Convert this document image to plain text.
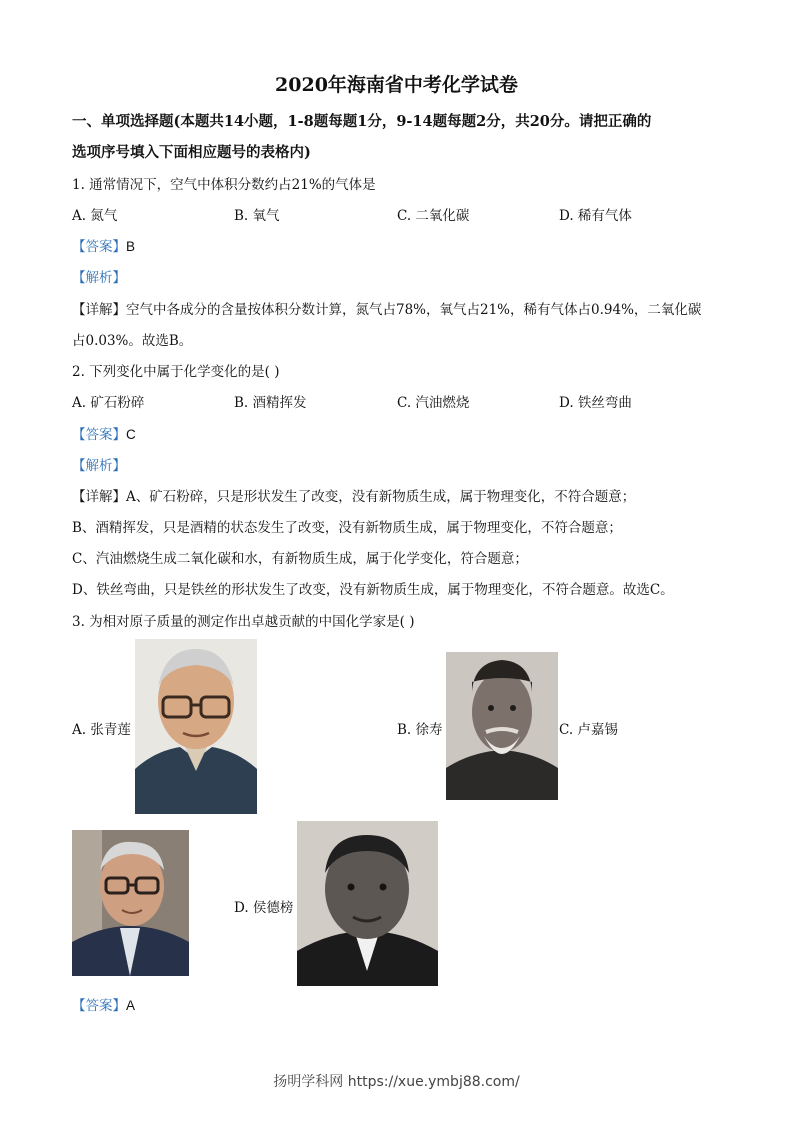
2020年海南省中考化学试卷
一、单项选择题(本题共14小题，1-8题每题1分，9-14题每题2分，共20分。请把正确的
选项序号填入下面相应题号的表格内)
1. 通常情况下，空气中体积分数约占21%的气体是
A. 氮气	B. 氧气	C. 二氧化碳	D. 稀有气体
【答案】B
【解析】
【详解】空气中各成分的含量按体积分数计算，氮气占78%，氧气占21%，稀有气体占0.94%，二氧化碳
占0.03%。故选B。
2. 下列变化中属于化学变化的是( )
A. 矿石粉碎	B. 酒精挥发	C. 汽油燃烧	D. 铁丝弯曲
【答案】C
【解析】
【详解】A、矿石粉碎，只是形状发生了改变，没有新物质生成，属于物理变化，不符合题意；
B、酒精挥发，只是酒精的状态发生了改变，没有新物质生成，属于物理变化，不符合题意；
C、汽油燃烧生成二氧化碳和水，有新物质生成，属于化学变化，符合题意；
D、铁丝弯曲，只是铁丝的形状发生了改变，没有新物质生成，属于物理变化，不符合题意。故选C。
3. 为相对原子质量的测定作出卓越贡献的中国化学家是( )
A. 张青莲	B. 徐寿	C. 卢嘉锡
D. 侯德榜
【答案】A
扬明学科网 https://xue.ymbj88.com/
